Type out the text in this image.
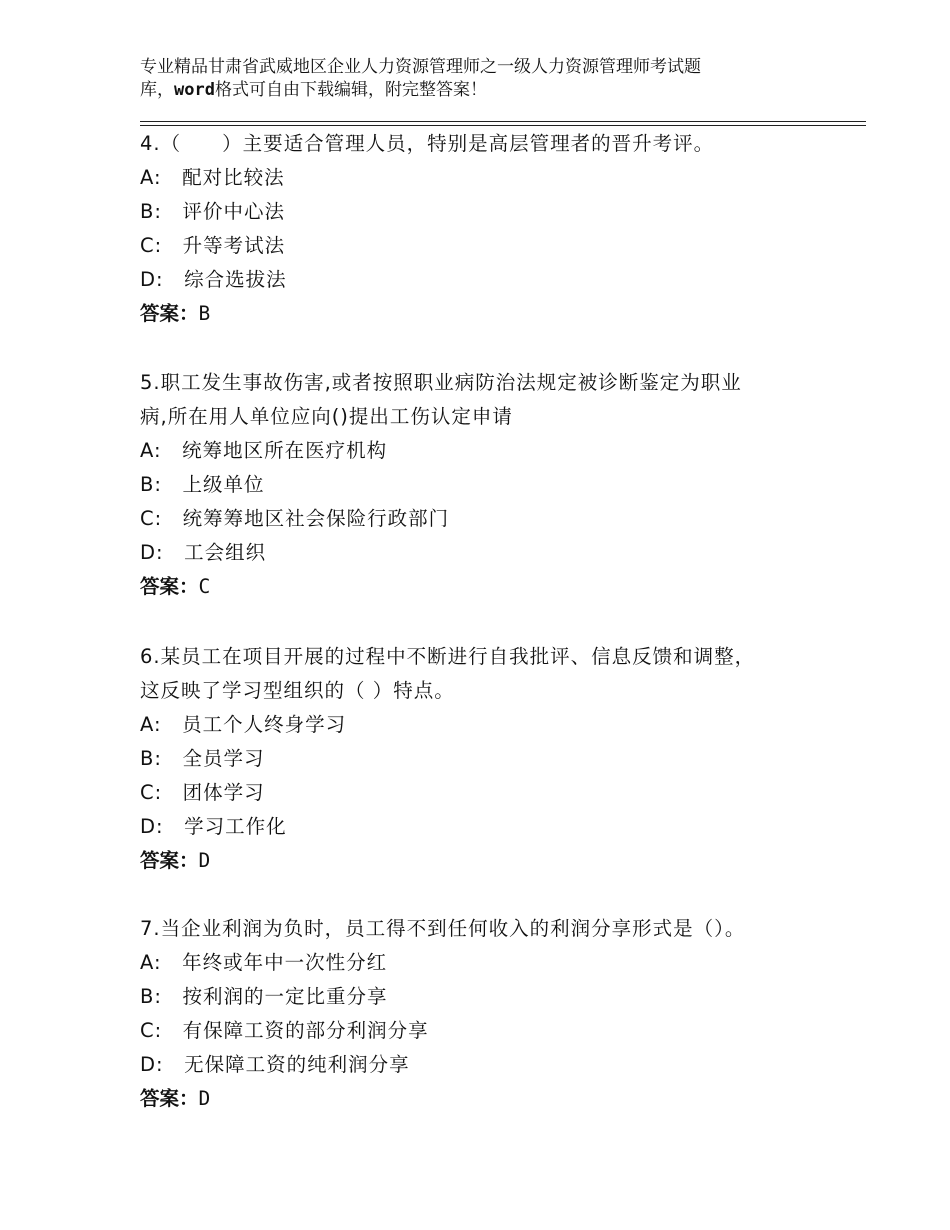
专业精品甘肃省武威地区企业人力资源管理师之一级人力资源管理师考试题
库，word格式可自由下载编辑，附完整答案！

4.（　　）主要适合管理人员，特别是高层管理者的晋升考评。

A:　配对比较法

B:　评价中心法

C:　升等考试法

D:　综合选拔法

答案：B

5.职工发生事故伤害,或者按照职业病防治法规定被诊断鉴定为职业

病,所在用人单位应向()提出工伤认定申请

A:　统筹地区所在医疗机构

B:　上级单位

C:　统筹筹地区社会保险行政部门

D:　工会组织

答案：C

6.某员工在项目开展的过程中不断进行自我批评、信息反馈和调整，

这反映了学习型组织的（ ）特点。

A:　员工个人终身学习

B:　全员学习

C:　团体学习

D:　学习工作化

答案：D

7.当企业利润为负时，员工得不到任何收入的利润分享形式是（）。

A:　年终或年中一次性分红

B:　按利润的一定比重分享

C:　有保障工资的部分利润分享

D:　无保障工资的纯利润分享

答案：D
